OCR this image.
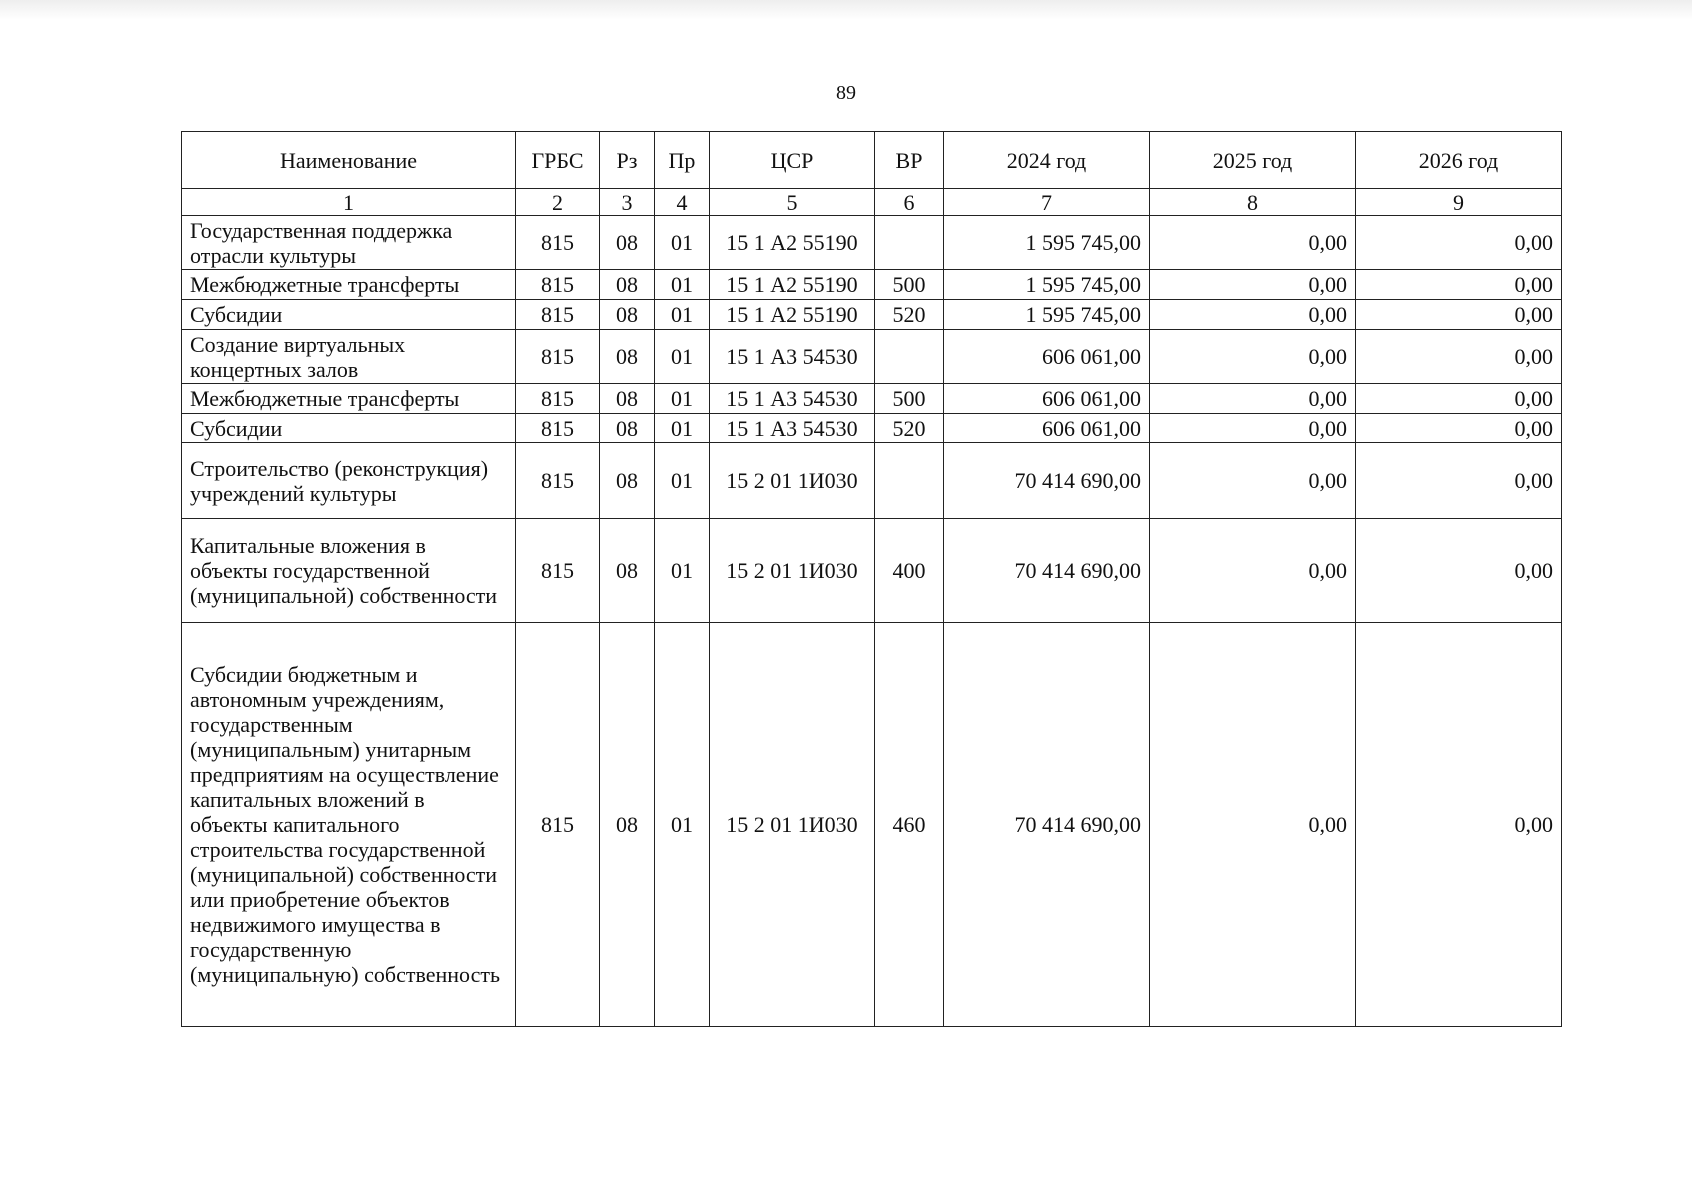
89
Наименование	ГРБС	Рз	Пр	ЦСР	ВР	2024 год	2025 год	2026 год
1	2	3	4	5	6	7	8	9
Государственная поддержка отрасли культуры	815	08	01	15 1 А2 55190		1 595 745,00	0,00	0,00
Межбюджетные трансферты	815	08	01	15 1 А2 55190	500	1 595 745,00	0,00	0,00
Субсидии	815	08	01	15 1 А2 55190	520	1 595 745,00	0,00	0,00
Создание виртуальных концертных залов	815	08	01	15 1 А3 54530		606 061,00	0,00	0,00
Межбюджетные трансферты	815	08	01	15 1 А3 54530	500	606 061,00	0,00	0,00
Субсидии	815	08	01	15 1 А3 54530	520	606 061,00	0,00	0,00
Строительство (реконструкция) учреждений культуры	815	08	01	15 2 01 1И030		70 414 690,00	0,00	0,00
Капитальные вложения в объекты государственной (муниципальной) собственности	815	08	01	15 2 01 1И030	400	70 414 690,00	0,00	0,00
Субсидии бюджетным и автономным учреждениям, государственным (муниципальным) унитарным предприятиям на осуществление капитальных вложений в объекты капитального строительства государственной (муниципальной) собственности или приобретение объектов недвижимого имущества в государственную (муниципальную) собственность	815	08	01	15 2 01 1И030	460	70 414 690,00	0,00	0,00
